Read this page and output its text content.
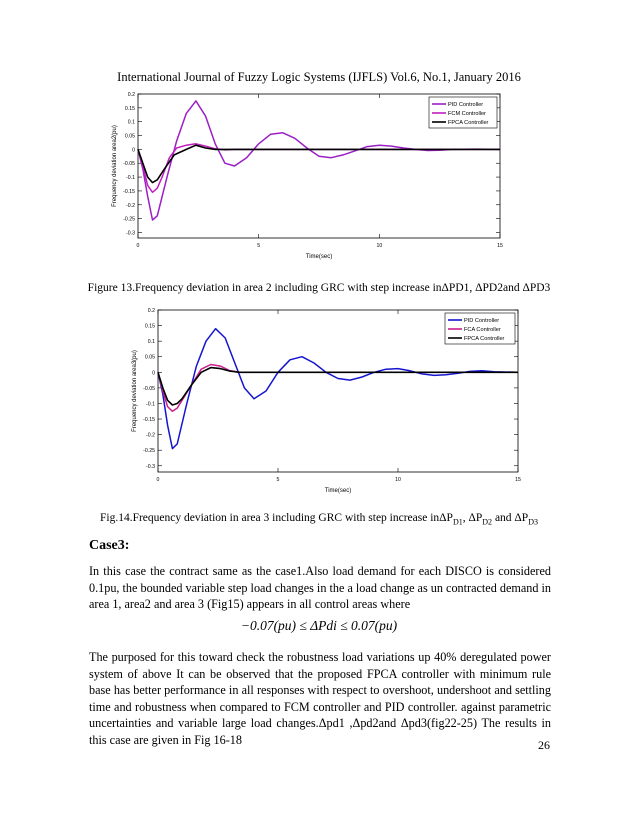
International Journal of Fuzzy Logic Systems (IJFLS) Vol.6, No.1, January 2016
0.2
0.15
0.1
0.05
0
-0.05
-0.1
-0.15
-0.2
-0.25
-0.3
0	5	10	15
Time(sec)
Frequency deviation area2(pu)
PID Controller
FCM Controller
FPCA Controller
Figure 13.Frequency deviation in area 2 including GRC with step increase inΔPD1, ΔPD2and ΔPD3
0.2
0.15
0.1
0.05
0
-0.05
-0.1
-0.15
-0.2
-0.25
-0.3
0	5	10	15
Time(sec)
Frequency deviation area3(pu)
PID Controller
FCA Controller
FPCA Controller
Fig.14.Frequency deviation in area 3 including GRC with step increase inΔP$_{D1}$, $\Delta P_{D2}$ and $\Delta P_{D3}$
Case3:
In this case the contract same as the case1.Also load demand for each DISCO is considered 0.1pu, the bounded variable step load changes in the a load change as un contracted demand in area 1, area2 and area 3 (Fig15) appears in all control areas where
−0.07(pu) ≤ ΔPdi ≤ 0.07(pu)
The purposed for this toward check the robustness load variations up 40% deregulated power system of above It can be observed that the proposed FPCA controller with minimum rule base has better performance in all responses with respect to overshoot, undershoot and settling time and robustness when compared to FCM controller and PID controller. against parametric uncertainties and variable large load changes.Δpd1 ,Δpd2and Δpd3(fig22-25) The results in this case are given in Fig 16-18	26
